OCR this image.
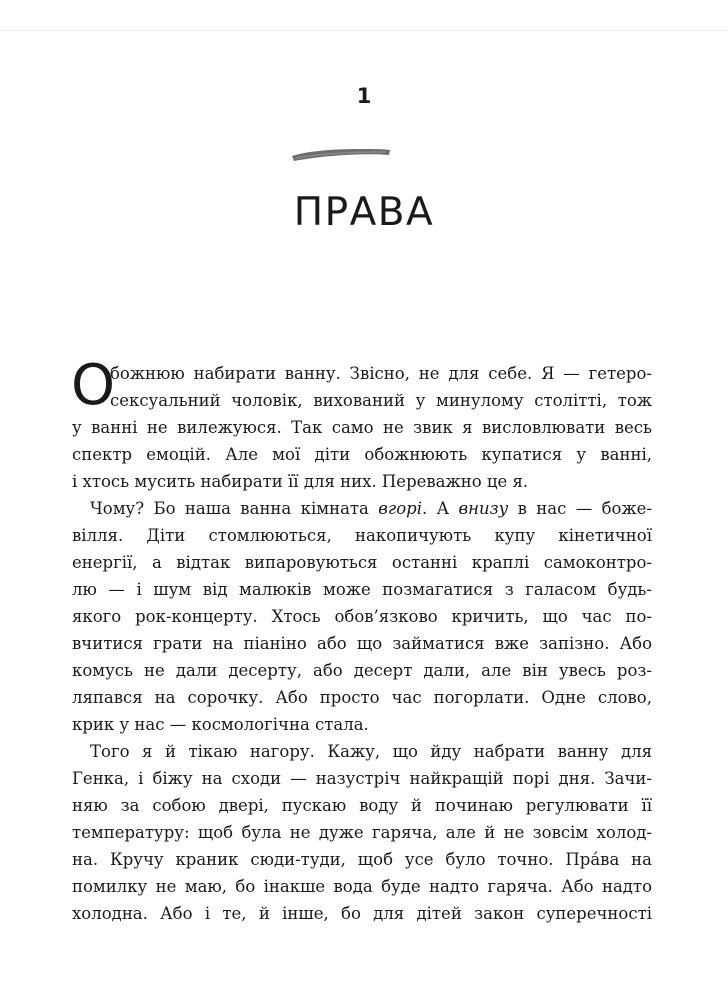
1
ПРАВА
О
божнюю набирати ванну. Звісно, не для себе. Я — гетеро-
сексуальний чоловік, вихований у минулому столітті, тож
у ванні не вилежуюся. Так само не звик я висловлювати весь
спектр емоцій. Але мої діти обожнюють купатися у ванні,
і хтось мусить набирати її для них. Переважно це я.
Чому? Бо наша ванна кімната вгорі. А внизу в нас — боже-
вілля. Діти стомлюються, накопичують купу кінетичної
енергії, а відтак випаровуються останні краплі самоконтро-
лю — і шум від малюків може позмагатися з галасом будь-
якого рок-концерту. Хтось обов’язково кричить, що час по-
вчитися грати на піаніно або що займатися вже запізно. Або
комусь не дали десерту, або десерт дали, але він увесь роз-
ляпався на сорочку. Або просто час погорлати. Одне слово,
крик у нас — космологічна стала.
Того я й тікаю нагору. Кажу, що йду набрати ванну для
Генка, і біжу на сходи — назустріч найкращій порі дня. Зачи-
няю за собою двері, пускаю воду й починаю регулювати її
температуру: щоб була не дуже гаряча, але й не зовсім холод-
на. Кручу краник сюди-туди, щоб усе було точно. Пра́ва на
помилку не маю, бо інакше вода буде надто гаряча. Або надто
холодна. Або і те, й інше, бо для дітей закон суперечності
